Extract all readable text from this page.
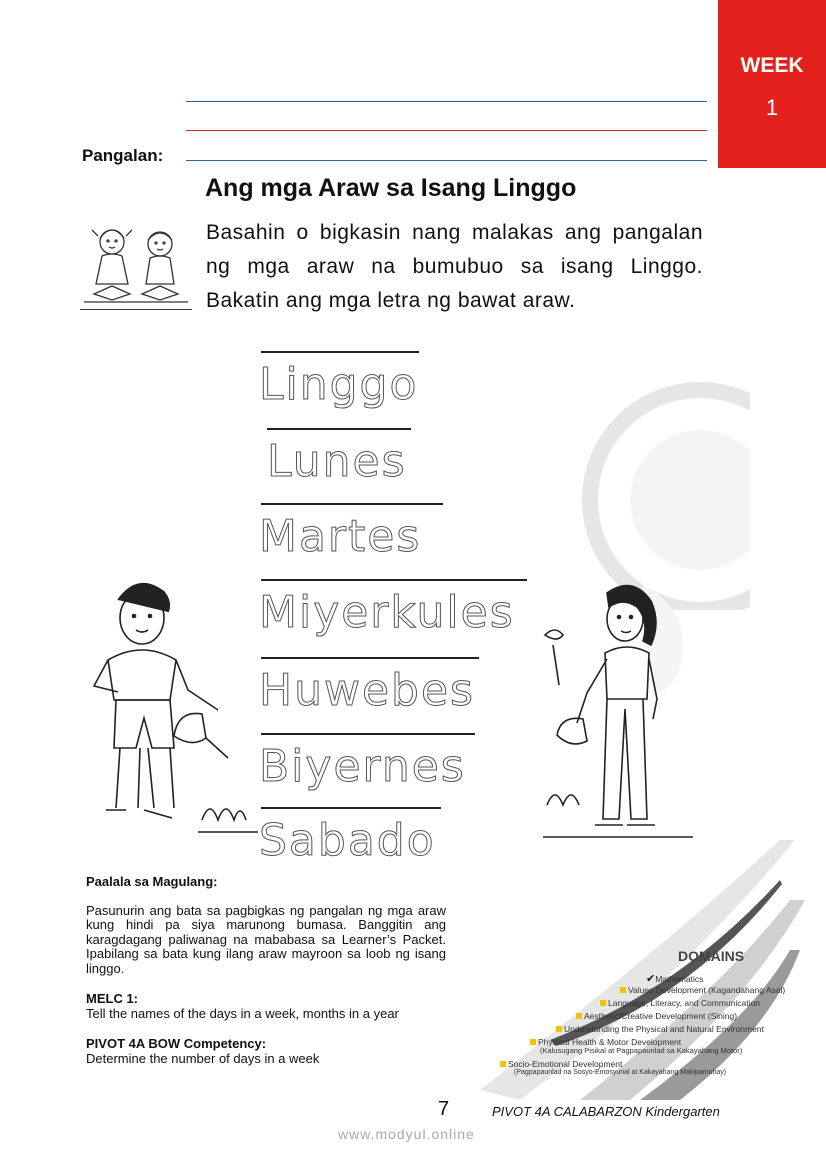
WEEK
1
Pangalan:
Ang mga Araw sa Isang Linggo
Basahin o bigkasin nang malakas ang pangalan ng mga araw na bumubuo sa isang Linggo. Bakatin ang mga letra ng bawat araw.
Linggo
Lunes
Martes
Miyerkules
Huwebes
Biyernes
Sabado
Paalala sa Magulang:
Pasunurin ang bata sa pagbigkas ng pangalan ng mga araw kung hindi pa siya marunong bumasa. Banggitin ang karagdagang paliwanag na mababasa sa Learner’s Packet. Ipabilang sa bata kung ilang araw mayroon sa loob ng isang linggo.
MELC 1:
Tell the names of the days in a week, months in a year
PIVOT 4A BOW Competency:
Determine the number of days in a week
DOMAINS
✔Mathematics
Values Development (Kagandahang Asal)
Language, Literacy, and Communication
Aesthetic/Creative Development (Sining)
Understanding the Physical and Natural Environment
Physical Health & Motor Development
(Kalusugang Pisikal at Pagpapaunlad sa Kakayahang Motor)
Socio-Emotional Development
(Pagpapaunlad na Sosyo-Emosyunal at Kakayahang Makipamuhay)
7	PIVOT 4A CALABARZON Kindergarten
www.modyul.online
